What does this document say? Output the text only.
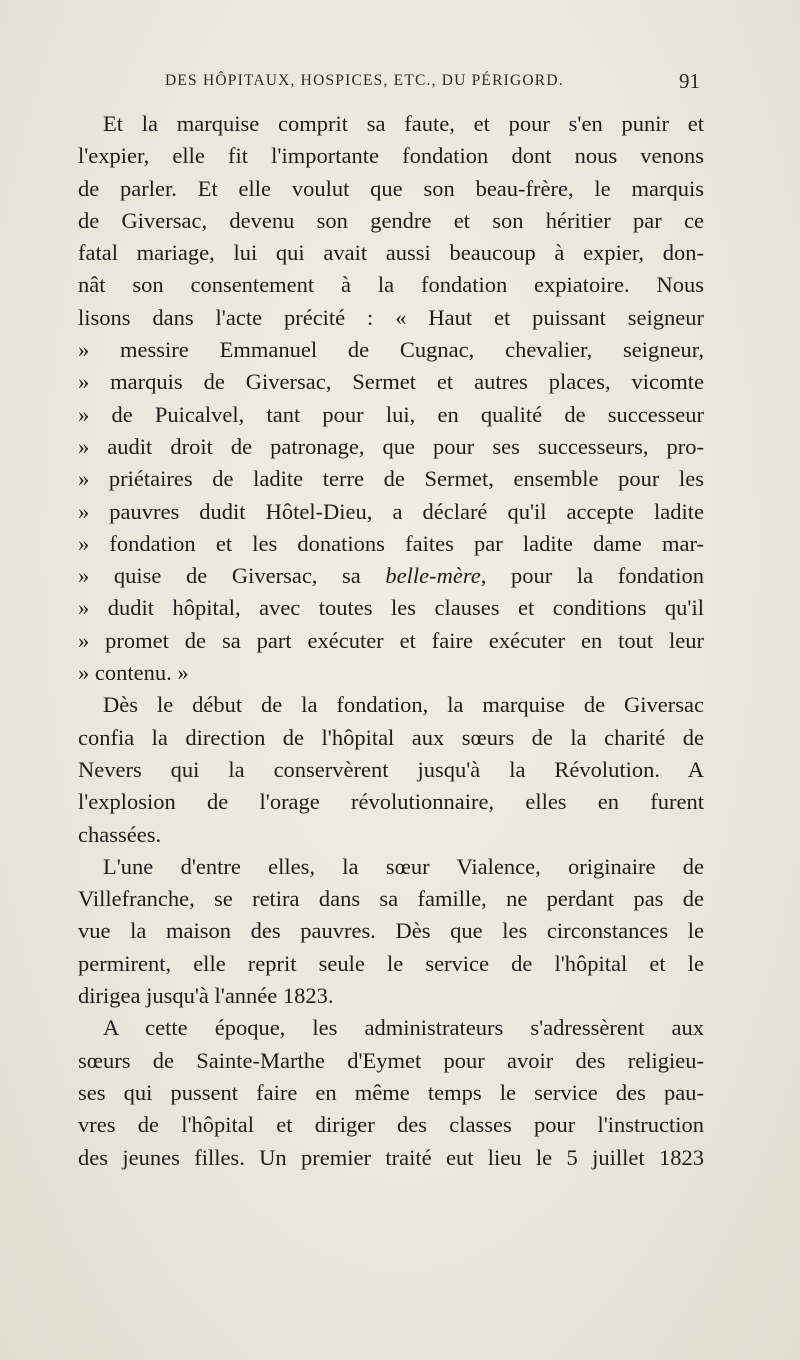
DES HÔPITAUX, HOSPICES, ETC., DU PÉRIGORD.	91

Et la marquise comprit sa faute, et pour s'en punir et

l'expier, elle fit l'importante fondation dont nous venons

de parler. Et elle voulut que son beau-frère, le marquis

de Giversac, devenu son gendre et son héritier par ce

fatal mariage, lui qui avait aussi beaucoup à expier, don-

nât son consentement à la fondation expiatoire. Nous

lisons dans l'acte précité : « Haut et puissant seigneur

» messire Emmanuel de Cugnac, chevalier, seigneur,

» marquis de Giversac, Sermet et autres places, vicomte

» de Puicalvel, tant pour lui, en qualité de successeur

» audit droit de patronage, que pour ses successeurs, pro-

» priétaires de ladite terre de Sermet, ensemble pour les

» pauvres dudit Hôtel-Dieu, a déclaré qu'il accepte ladite

» fondation et les donations faites par ladite dame mar-

» quise de Giversac, sa belle-mère, pour la fondation

» dudit hôpital, avec toutes les clauses et conditions qu'il

» promet de sa part exécuter et faire exécuter en tout leur

» contenu. »

Dès le début de la fondation, la marquise de Giversac

confia la direction de l'hôpital aux sœurs de la charité de

Nevers qui la conservèrent jusqu'à la Révolution. A

l'explosion de l'orage révolutionnaire, elles en furent

chassées.

L'une d'entre elles, la sœur Vialence, originaire de

Villefranche, se retira dans sa famille, ne perdant pas de

vue la maison des pauvres. Dès que les circonstances le

permirent, elle reprit seule le service de l'hôpital et le

dirigea jusqu'à l'année 1823.

A cette époque, les administrateurs s'adressèrent aux

sœurs de Sainte-Marthe d'Eymet pour avoir des religieu-

ses qui pussent faire en même temps le service des pau-

vres de l'hôpital et diriger des classes pour l'instruction

des jeunes filles. Un premier traité eut lieu le 5 juillet 1823
